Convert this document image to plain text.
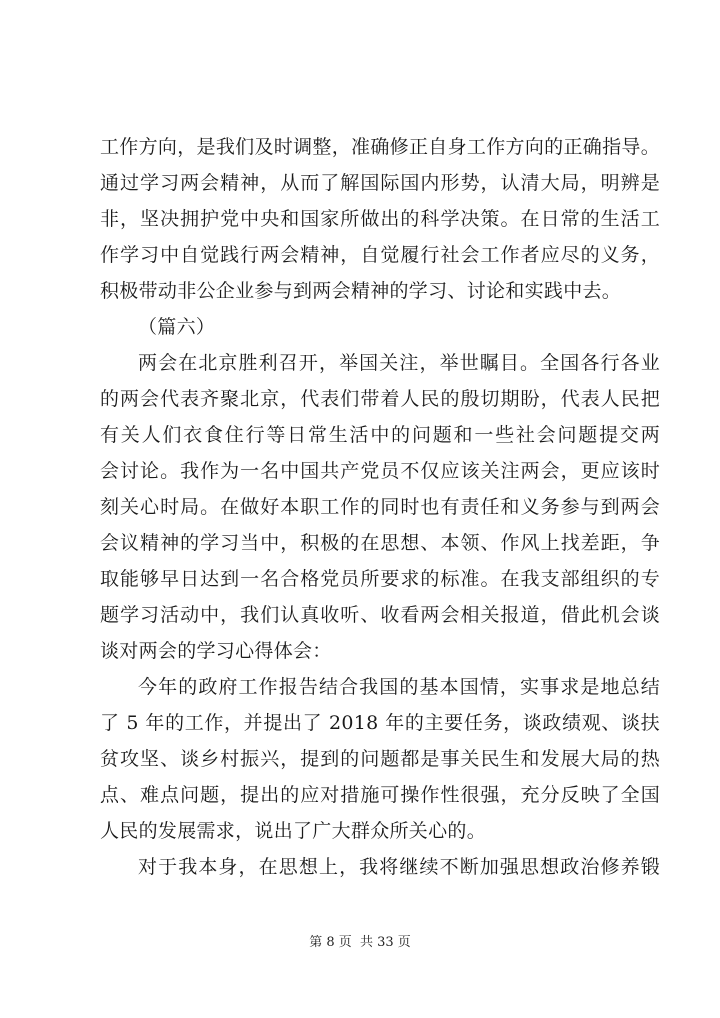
工作方向，是我们及时调整，准确修正自身工作方向的正确指导。
通过学习两会精神，从而了解国际国内形势，认清大局，明辨是
非，坚决拥护党中央和国家所做出的科学决策。在日常的生活工
作学习中自觉践行两会精神，自觉履行社会工作者应尽的义务，
积极带动非公企业参与到两会精神的学习、讨论和实践中去。
（篇六）
两会在北京胜利召开，举国关注，举世瞩目。全国各行各业
的两会代表齐聚北京，代表们带着人民的殷切期盼，代表人民把
有关人们衣食住行等日常生活中的问题和一些社会问题提交两
会讨论。我作为一名中国共产党员不仅应该关注两会，更应该时
刻关心时局。在做好本职工作的同时也有责任和义务参与到两会
会议精神的学习当中，积极的在思想、本领、作风上找差距，争
取能够早日达到一名合格党员所要求的标准。在我支部组织的专
题学习活动中，我们认真收听、收看两会相关报道，借此机会谈
谈对两会的学习心得体会：
今年的政府工作报告结合我国的基本国情，实事求是地总结
了 5 年的工作，并提出了 2018 年的主要任务，谈政绩观、谈扶
贫攻坚、谈乡村振兴，提到的问题都是事关民生和发展大局的热
点、难点问题，提出的应对措施可操作性很强，充分反映了全国
人民的发展需求，说出了广大群众所关心的。
对于我本身，在思想上，我将继续不断加强思想政治修养锻
第 8 页 共 33 页
